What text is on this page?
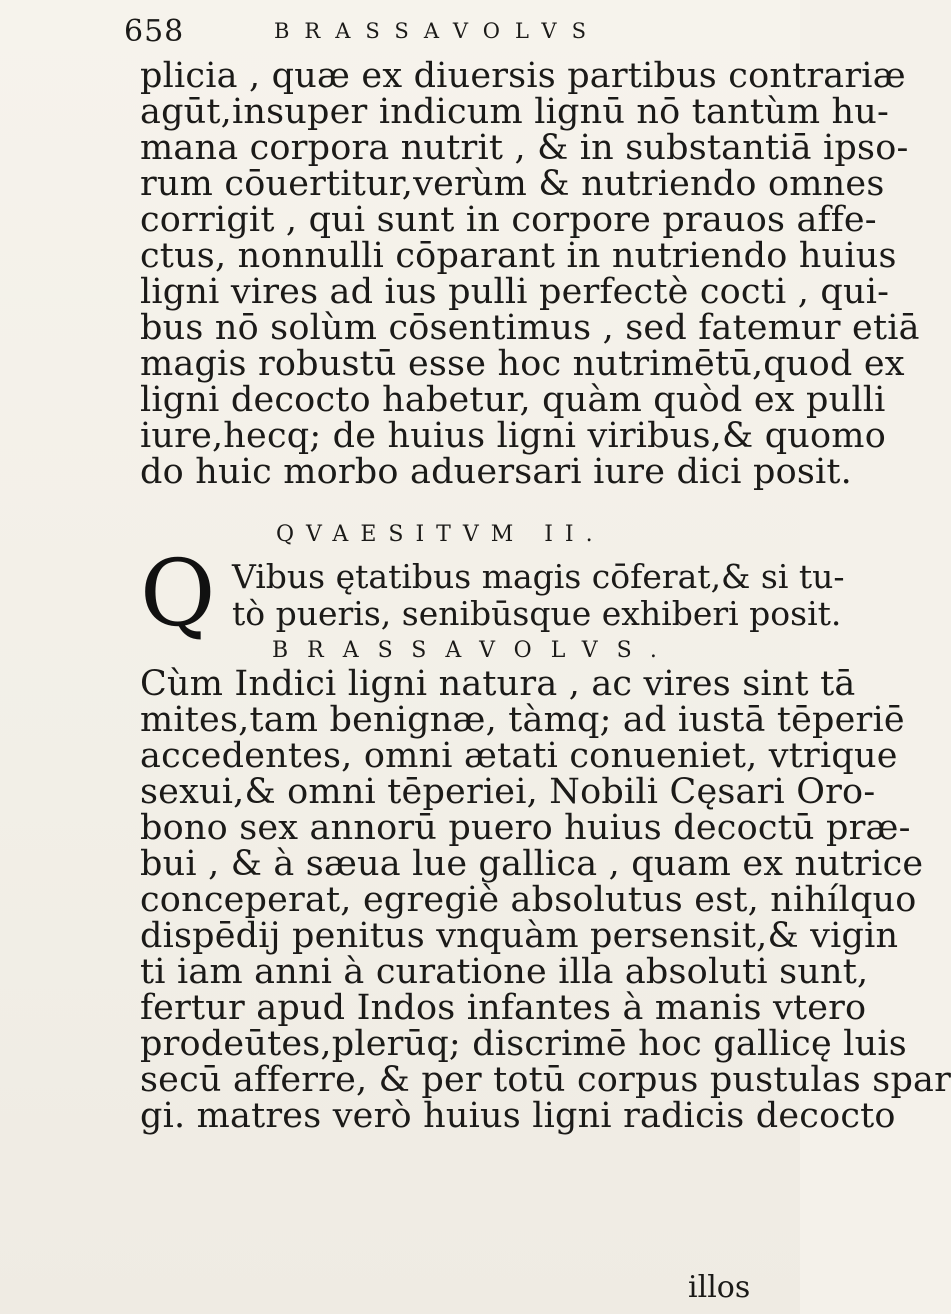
658	BRASSAVOLVS
plicia , quæ ex diuersis partibus contrariæ
agūt,insuper indicum lignū nō tantùm hu-
mana corpora nutrit , & in substantiā ipso-
rum cōuertitur,verùm & nutriendo omnes
corrigit , qui sunt in corpore prauos affe-
ctus, nonnulli cōparant in nutriendo huius
ligni vires ad ius pulli perfectè cocti , qui-
bus nō solùm cōsentimus , sed fatemur etiā
magis robustū esse hoc nutrimētū,quod ex
ligni decocto habetur, quàm quòd ex pulli
iure,hecq; de huius ligni viribus,& quomo
do huic morbo aduersari iure dici posit.
QVAESITVM II.
Q Vibus ętatibus magis cōferat,& si tu-
tò pueris, senibūsque exhiberi posit.
BRASSAVOLVS.
Cùm Indici ligni natura , ac vires sint tā
mites,tam benignæ, tàmq; ad iustā tēperiē
accedentes, omni ætati conueniet, vtrique
sexui,& omni tēperiei, Nobili Cęsari Oro-
bono sex annorū puero huius decoctū præ-
bui , & à sæua lue gallica , quam ex nutrice
conceperat, egregiè absolutus est, nihílquo
dispēdij penitus vnquàm persensit,& vigin
ti iam anni à curatione illa absoluti sunt,
fertur apud Indos infantes à manis vtero
prodeūtes,plerūq; discrimē hoc gallicę luis
secū afferre, & per totū corpus pustulas spar
gi. matres verò huius ligni radicis decocto
illos
